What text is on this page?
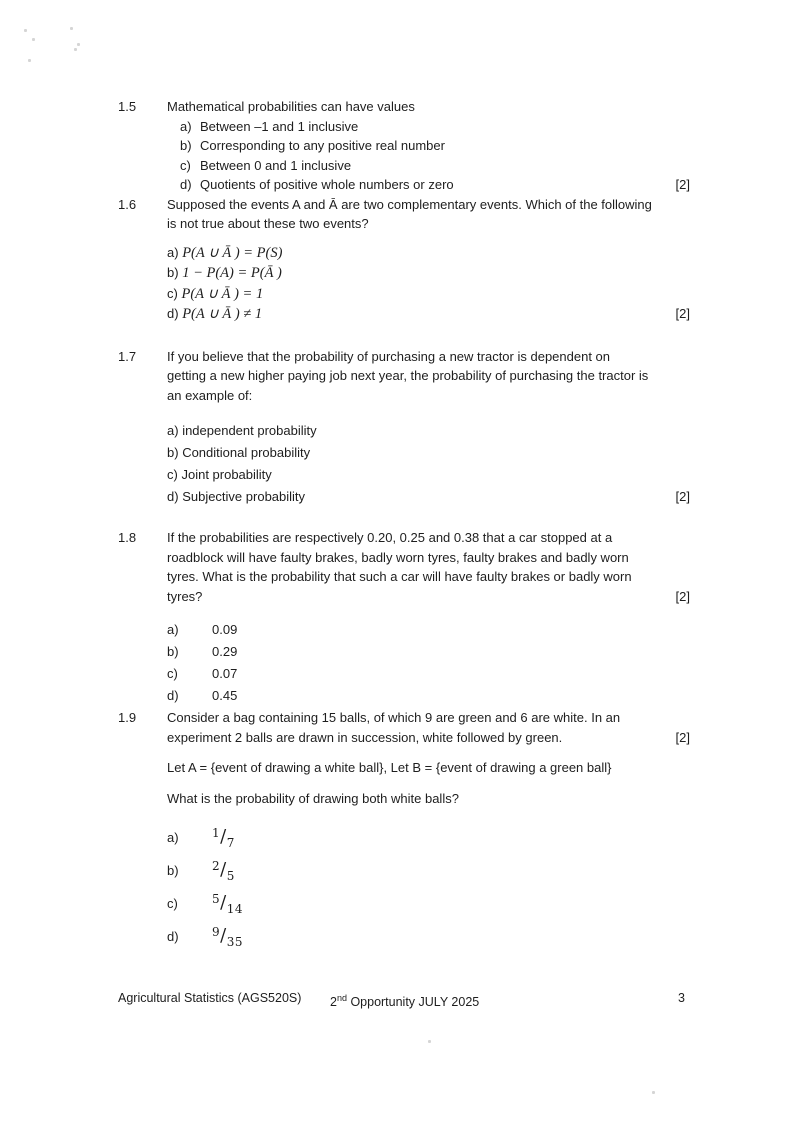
1.5	Mathematical probabilities can have values
a) Between –1 and 1 inclusive
b) Corresponding to any positive real number
c) Between 0 and 1 inclusive
d) Quotients of positive whole numbers or zero	[2]
1.6	Supposed the events A and Ā are two complementary events. Which of the following
is not true about these two events?
a) P(A ∪ Ā ) = P(S)
b) 1 − P(A) = P(Ā )
c) P(A ∪ Ā ) = 1
d) P(A ∪ Ā ) ≠ 1	[2]
1.7	If you believe that the probability of purchasing a new tractor is dependent on
getting a new higher paying job next year, the probability of purchasing the tractor is
an example of:
a) independent probability
b) Conditional probability
c) Joint probability
d) Subjective probability	[2]
1.8	If the probabilities are respectively 0.20, 0.25 and 0.38 that a car stopped at a
roadblock will have faulty brakes, badly worn tyres, faulty brakes and badly worn
tyres. What is the probability that such a car will have faulty brakes or badly worn
tyres?	[2]
a)	0.09
b)	0.29
c)	0.07
d)	0.45
1.9	Consider a bag containing 15 balls, of which 9 are green and 6 are white. In an
experiment 2 balls are drawn in succession, white followed by green.	[2]
Let A = {event of drawing a white ball}, Let B = {event of drawing a green ball}
What is the probability of drawing both white balls?
a)	1/7
b)	2/5
c)	5/14
d)	9/35
Agricultural Statistics (AGS520S) 2nd Opportunity JULY 2025	3
